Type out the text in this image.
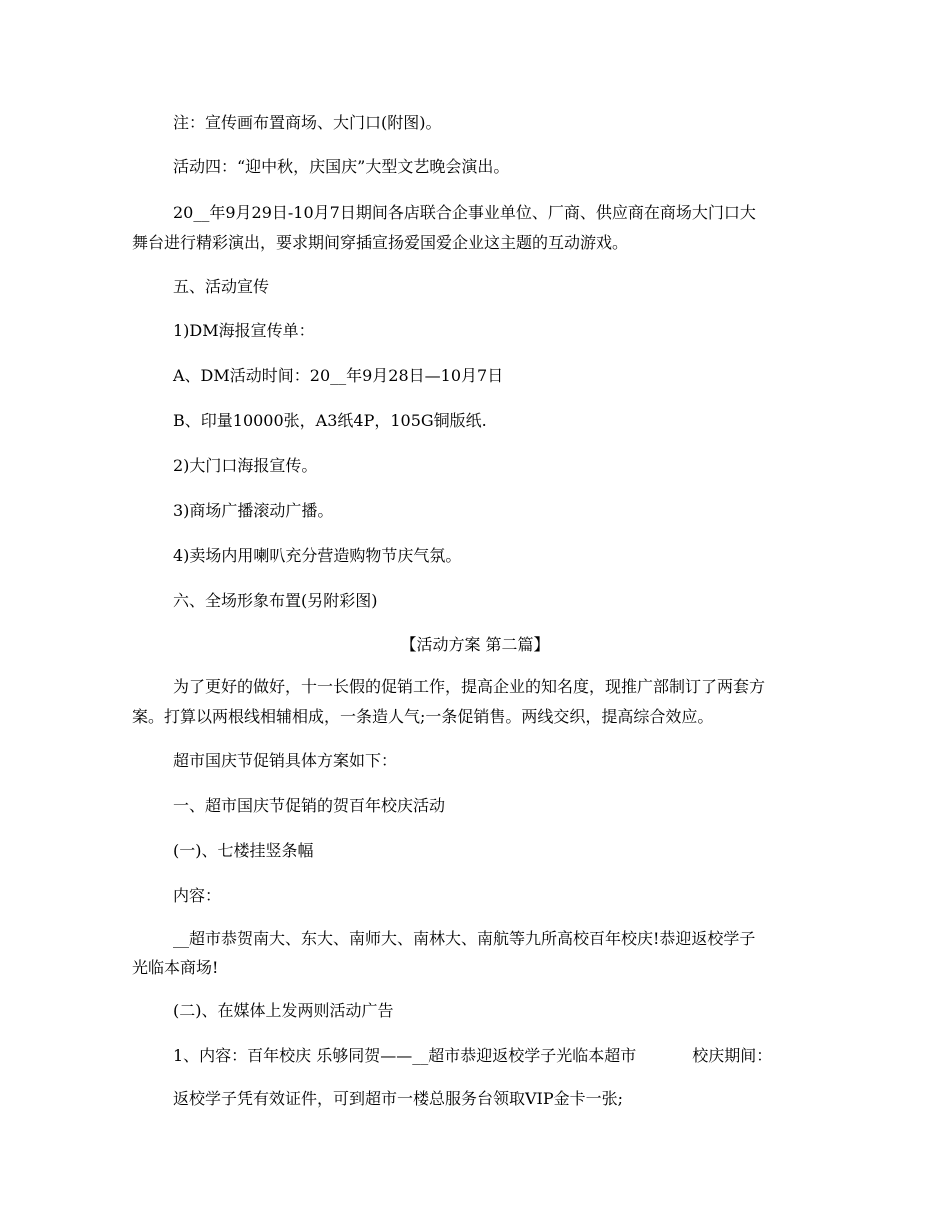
注：宣传画布置商场、大门口(附图)。
活动四：“迎中秋，庆国庆”大型文艺晚会演出。
20__年9月29日-10月7日期间各店联合企事业单位、厂商、供应商在商场大门口大
舞台进行精彩演出，要求期间穿插宣扬爱国爱企业这主题的互动游戏。
五、活动宣传
1)DM海报宣传单：
A、DM活动时间：20__年9月28日—10月7日
B、印量10000张，A3纸4P，105G铜版纸.
2)大门口海报宣传。
3)商场广播滚动广播。
4)卖场内用喇叭充分营造购物节庆气氛。
六、全场形象布置(另附彩图)
【活动方案 第二篇】
为了更好的做好，十一长假的促销工作，提高企业的知名度，现推广部制订了两套方
案。打算以两根线相辅相成，一条造人气;一条促销售。两线交织，提高综合效应。
超市国庆节促销具体方案如下：
一、超市国庆节促销的贺百年校庆活动
(一)、七楼挂竖条幅
内容：
__超市恭贺南大、东大、南师大、南林大、南航等九所高校百年校庆!恭迎返校学子
光临本商场!
(二)、在媒体上发两则活动广告
1、内容：百年校庆 乐够同贺——__超市恭迎返校学子光临本超市	校庆期间：
返校学子凭有效证件，可到超市一楼总服务台领取VIP金卡一张;
